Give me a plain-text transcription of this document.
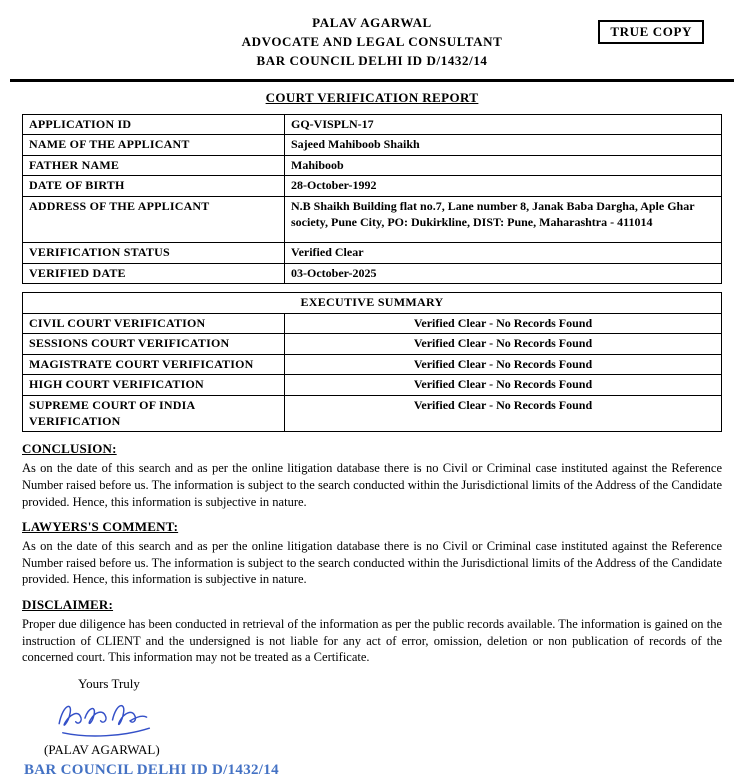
PALAV AGARWAL
ADVOCATE AND LEGAL CONSULTANT
BAR COUNCIL DELHI ID D/1432/14
TRUE COPY
COURT VERIFICATION REPORT
APPLICATION ID	GQ-VISPLN-17
NAME OF THE APPLICANT	Sajeed Mahiboob Shaikh
FATHER NAME	Mahiboob
DATE OF BIRTH	28-October-1992
ADDRESS OF THE APPLICANT	N.B Shaikh Building flat no.7, Lane number 8, Janak Baba Dargha, Aple Ghar society, Pune City, PO: Dukirkline, DIST: Pune, Maharashtra - 411014
VERIFICATION STATUS	Verified Clear
VERIFIED DATE	03-October-2025
EXECUTIVE SUMMARY	
CIVIL COURT VERIFICATION	Verified Clear - No Records Found
SESSIONS COURT VERIFICATION	Verified Clear - No Records Found
MAGISTRATE COURT VERIFICATION	Verified Clear - No Records Found
HIGH COURT VERIFICATION	Verified Clear - No Records Found
SUPREME COURT OF INDIA VERIFICATION	Verified Clear - No Records Found
CONCLUSION:
As on the date of this search and as per the online litigation database there is no Civil or Criminal case instituted against the Reference Number raised before us. The information is subject to the search conducted within the Jurisdictional limits of the Address of the Candidate provided. Hence, this information is subjective in nature.
LAWYERS'S COMMENT:
As on the date of this search and as per the online litigation database there is no Civil or Criminal case instituted against the Reference Number raised before us. The information is subject to the search conducted within the Jurisdictional limits of the Address of the Candidate provided. Hence, this information is subjective in nature.
DISCLAIMER:
Proper due diligence has been conducted in retrieval of the information as per the public records available. The information is gained on the instruction of CLIENT and the undersigned is not liable for any act of error, omission, deletion or non publication of records of the concerned court. This information may not be treated as a Certificate.
Yours Truly
(PALAV AGARWAL)
BAR COUNCIL DELHI ID D/1432/14
